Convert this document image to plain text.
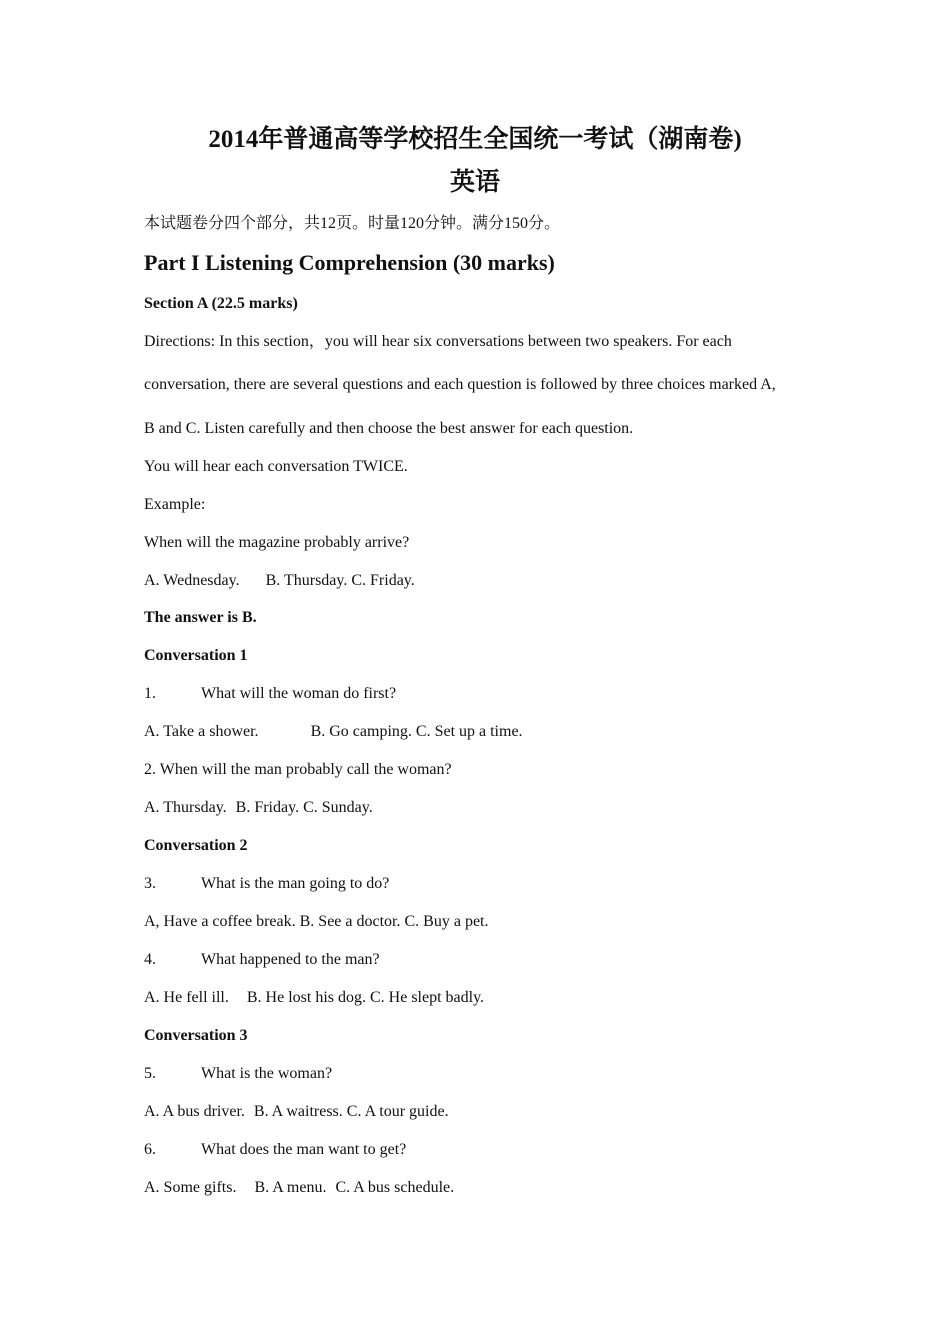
2014年普通高等学校招生全国统一考试（湖南卷)
英语
本试题卷分四个部分，共12页。时量120分钟。满分150分。
Part I Listening Comprehension (30 marks)
Section A (22.5 marks)
Directions: In this section，you will hear six conversations between two speakers. For each
conversation, there are several questions and each question is followed by three choices marked A,
B and C. Listen carefully and then choose the best answer for each question.
You will hear each conversation TWICE.
Example:
When will the magazine probably arrive?
A. Wednesday. B. Thursday. C. Friday.
The answer is B.
Conversation 1
1.	What will the woman do first?
A. Take a shower.	B. Go camping. C. Set up a time.
2. When will the man probably call the woman?
A. Thursday. B. Friday. C. Sunday.
Conversation 2
3.	What is the man going to do?
A, Have a coffee break. B. See a doctor. C. Buy a pet.
4.	What happened to the man?
A. He fell ill. B. He lost his dog. C. He slept badly.
Conversation 3
5.	What is the woman?
A. A bus driver. B. A waitress. C. A tour guide.
6.	What does the man want to get?
A. Some gifts. B. A menu. C. A bus schedule.
